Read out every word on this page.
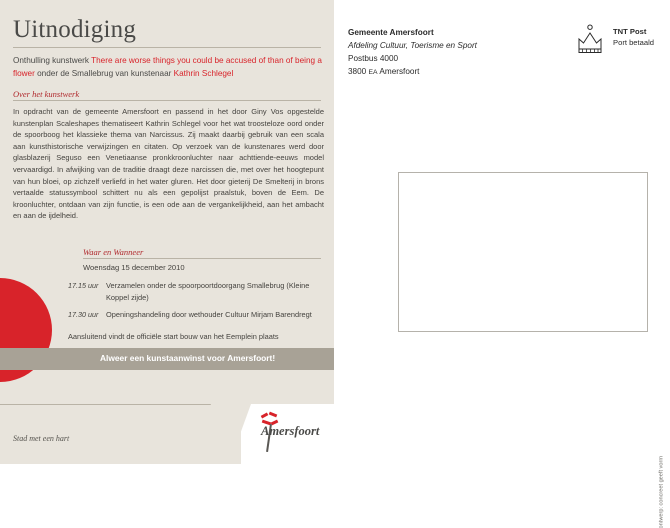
Uitnodiging
Onthulling kunstwerk There are worse things you could be accused of than of being a flower onder de Smallebrug van kunstenaar Kathrin Schlegel
Over het kunstwerk
In opdracht van de gemeente Amersfoort en passend in het door Giny Vos opgestelde kunstenplan Scaleshapes thematiseert Kathrin Schlegel voor het wat troosteloze oord onder de spoorboog het klassieke thema van Narcissus. Zij maakt daarbij gebruik van een scala aan kunsthistorische verwijzingen en citaten. Op verzoek van de kunstenares werd door glasblazerij Seguso een Venetiaanse pronkkroonluchter naar achttiende-eeuws model vervaardigd. In afwijking van de traditie draagt deze narcissen die, met over het hoogtepunt van hun bloei, op zichzelf verliefd in het water gluren. Het door gieterij De Smelterij in brons vertaalde statussymbool schittert nu als een gepolijst praalstuk, boven de Eem. De kroonluchter, ontdaan van zijn functie, is een ode aan de vergankelijkheid, aan het ambacht en aan de ijdelheid.
Waar en Wanneer
Woensdag 15 december 2010
17.15 uur	Verzamelen onder de spoorpoortdoorgang Smallebrug (Kleine Koppel zijde)
17.30 uur	Openingshandeling door wethouder Cultuur Mirjam Barendregt
Aansluitend vindt de officiële start bouw van het Eemplein plaats
Alweer een kunstaanwinst voor Amersfoort!
Stad met een hart
Amersfoort
Gemeente Amersfoort
Afdeling Cultuur, Toerisme en Sport
Postbus 4000
3800 EA Amersfoort
TNT Post
Port betaald
ontwerp: concreet geeft vorm
